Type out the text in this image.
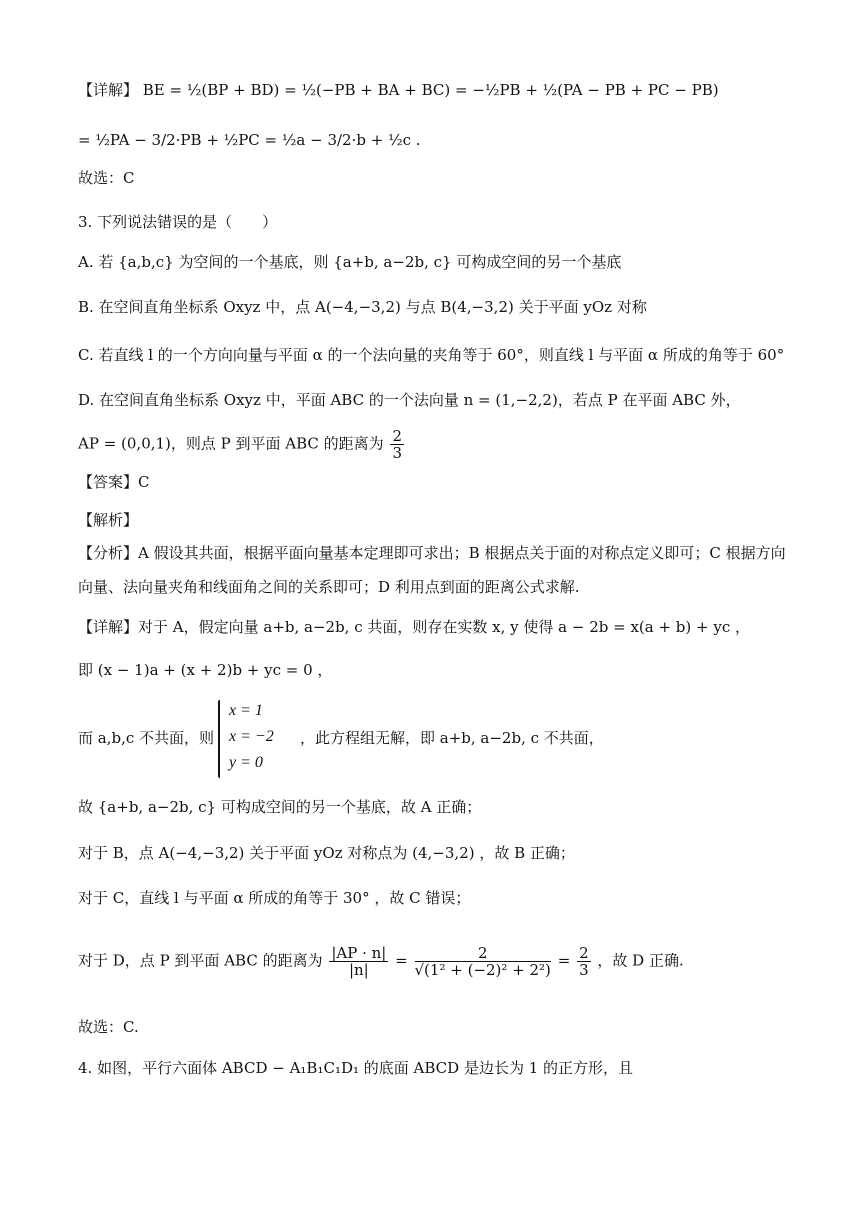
【详解】 BE = ½(BP + BD) = ½(−PB + BA + BC) = −½PB + ½(PA − PB + PC − PB)
= ½PA − 3/2·PB + ½PC = ½a − 3/2·b + ½c .
故选：C
3. 下列说法错误的是（　　）
A. 若 {a,b,c} 为空间的一个基底，则 {a+b, a−2b, c} 可构成空间的另一个基底
B. 在空间直角坐标系 Oxyz 中，点 A(−4,−3,2) 与点 B(4,−3,2) 关于平面 yOz 对称
C. 若直线 l 的一个方向向量与平面 α 的一个法向量的夹角等于 60°，则直线 l 与平面 α 所成的角等于 60°
D. 在空间直角坐标系 Oxyz 中，平面 ABC 的一个法向量 n = (1,−2,2)，若点 P 在平面 ABC 外，
AP = (0,0,1)，则点 P 到平面 ABC 的距离为 $\frac{2}{3}$
【答案】C
【解析】
【分析】A 假设其共面，根据平面向量基本定理即可求出；B 根据点关于面的对称点定义即可；C 根据方向
向量、法向量夹角和线面角之间的关系即可；D 利用点到面的距离公式求解.
【详解】对于 A，假定向量 a+b, a−2b, c 共面，则存在实数 x, y 使得 a − 2b = x(a + b) + yc ，
即 (x − 1)a + (x + 2)b + yc = 0 ，
而 a,b,c 不共面，则
x = 1
x = −2
y = 0
，此方程组无解，即 a+b, a−2b, c 不共面，
故 {a+b, a−2b, c} 可构成空间的另一个基底，故 A 正确；
对于 B，点 A(−4,−3,2) 关于平面 yOz 对称点为 (4,−3,2) ，故 B 正确；
对于 C，直线 l 与平面 α 所成的角等于 30° ，故 C 错误；
对于 D，点 P 到平面 ABC 的距离为 $\frac{|AP \cdot n|}{|n|} = \frac{2}{\text{√(1² + (−2)² + 2²)}} = \frac{2}{3}$ ，故 D 正确.
故选：C.
4. 如图，平行六面体 ABCD − A₁B₁C₁D₁ 的底面 ABCD 是边长为 1 的正方形，且
